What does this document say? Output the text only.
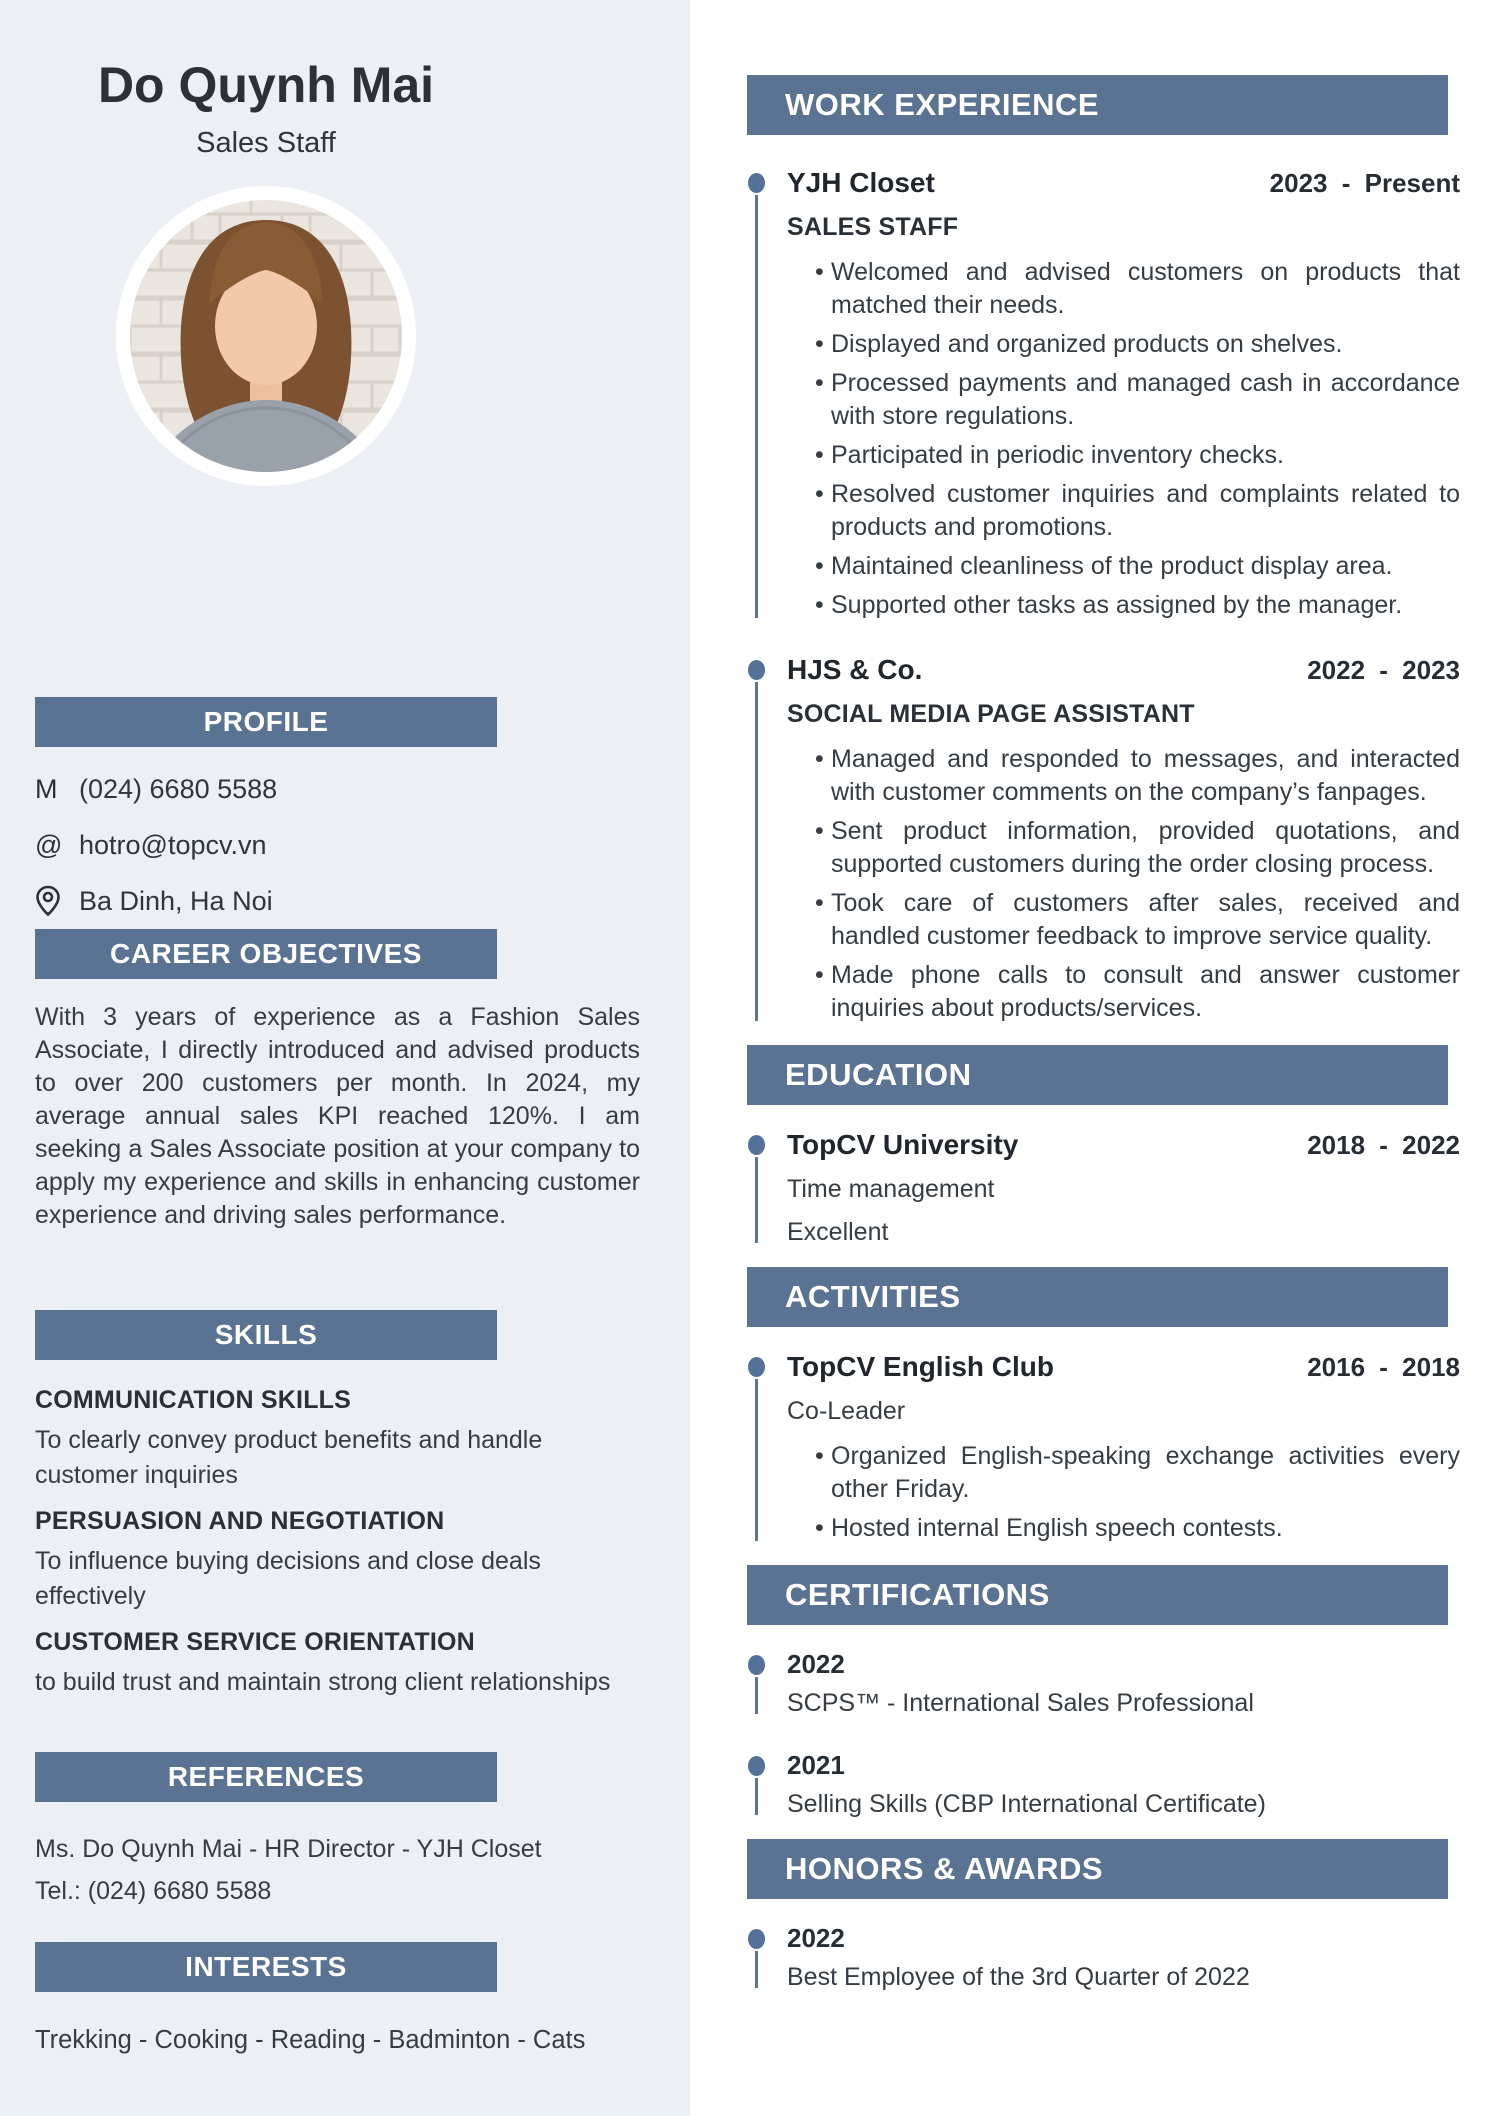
Do Quynh Mai
Sales Staff
PROFILE
M (024) 6680 5588
@ hotro@topcv.vn
Ba Dinh, Ha Noi
CAREER OBJECTIVES

With 3 years of experience as a Fashion Sales Associate, I directly introduced and advised products to over 200 customers per month. In 2024, my average annual sales KPI reached 120%. I am seeking a Sales Associate position at your company to apply my experience and skills in enhancing customer experience and driving sales performance.

SKILLS
COMMUNICATION SKILLS
To clearly convey product benefits and handle customer inquiries
PERSUASION AND NEGOTIATION
To influence buying decisions and close deals effectively
CUSTOMER SERVICE ORIENTATION
to build trust and maintain strong client relationships
REFERENCES
Ms. Do Quynh Mai - HR Director - YJH Closet
Tel.: (024) 6680 5588
INTERESTS
Trekking - Cooking - Reading - Badminton - Cats
WORK EXPERIENCE
YJH Closet	2023 - Present
SALES STAFF
• Welcomed and advised customers on products that matched their needs.
• Displayed and organized products on shelves.
• Processed payments and managed cash in accordance with store regulations.
• Participated in periodic inventory checks.
• Resolved customer inquiries and complaints related to products and promotions.
• Maintained cleanliness of the product display area.
• Supported other tasks as assigned by the manager.
HJS & Co.	2022 - 2023
SOCIAL MEDIA PAGE ASSISTANT
• Managed and responded to messages, and interacted with customer comments on the company’s fanpages.
• Sent product information, provided quotations, and supported customers during the order closing process.
• Took care of customers after sales, received and handled customer feedback to improve service quality.
• Made phone calls to consult and answer customer inquiries about products/services.
EDUCATION
TopCV University	2018 - 2022
Time management
Excellent
ACTIVITIES
TopCV English Club	2016 - 2018
Co-Leader
• Organized English-speaking exchange activities every other Friday.
• Hosted internal English speech contests.
CERTIFICATIONS
2022
SCPS™ - International Sales Professional
2021
Selling Skills (CBP International Certificate)
HONORS & AWARDS
2022
Best Employee of the 3rd Quarter of 2022
